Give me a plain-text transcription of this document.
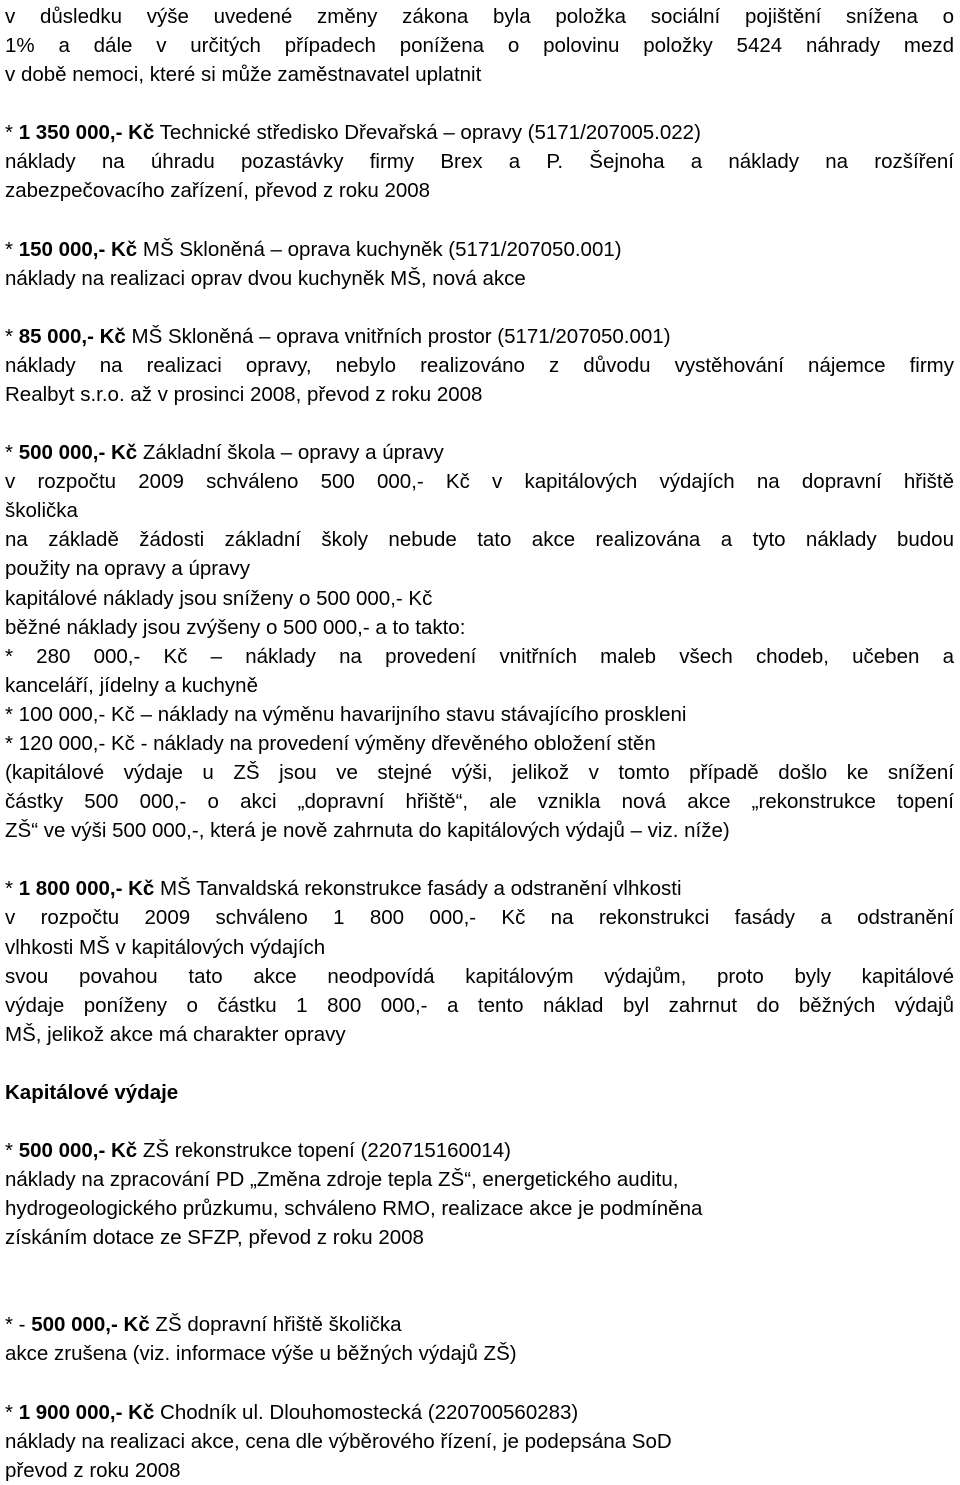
v důsledku výše uvedené změny zákona byla položka sociální pojištění snížena o
1% a dále v určitých případech ponížena o polovinu položky 5424 náhrady mezd
v době nemoci, které si může zaměstnavatel uplatnit
* 1 350 000,- Kč Technické středisko Dřevařská – opravy (5171/207005.022)
náklady na úhradu pozastávky firmy Brex a P. Šejnoha a náklady na rozšíření
zabezpečovacího zařízení, převod z roku 2008
* 150 000,- Kč MŠ Skloněná – oprava kuchyněk (5171/207050.001)
náklady na realizaci oprav dvou kuchyněk MŠ, nová akce
* 85 000,- Kč MŠ Skloněná – oprava vnitřních prostor (5171/207050.001)
náklady na realizaci opravy, nebylo realizováno z důvodu vystěhování nájemce firmy
Realbyt s.r.o. až v prosinci 2008, převod z roku 2008
* 500 000,- Kč Základní škola – opravy a úpravy
v rozpočtu 2009 schváleno 500 000,- Kč v kapitálových výdajích na dopravní hřiště
školička
na základě žádosti základní školy nebude tato akce realizována a tyto náklady budou
použity na opravy a úpravy
kapitálové náklady jsou sníženy o 500 000,- Kč
běžné náklady jsou zvýšeny o 500 000,- a to takto:
* 280 000,- Kč – náklady na provedení vnitřních maleb všech chodeb, učeben a
kanceláří, jídelny a kuchyně
* 100 000,- Kč – náklady na výměnu havarijního stavu stávajícího proskleni
* 120 000,- Kč - náklady na provedení výměny dřevěného obložení stěn
(kapitálové výdaje u ZŠ jsou ve stejné výši, jelikož v tomto případě došlo ke snížení
částky 500 000,- o akci „dopravní hřiště“, ale vznikla nová akce „rekonstrukce topení
ZŠ“ ve výši 500 000,-, která je nově zahrnuta do kapitálových výdajů – viz. níže)
* 1 800 000,- Kč MŠ Tanvaldská rekonstrukce fasády a odstranění vlhkosti
v rozpočtu 2009 schváleno 1 800 000,- Kč na rekonstrukci fasády a odstranění
vlhkosti MŠ v kapitálových výdajích
svou povahou tato akce neodpovídá kapitálovým výdajům, proto byly kapitálové
výdaje poníženy o částku 1 800 000,- a tento náklad byl zahrnut do běžných výdajů
MŠ, jelikož akce má charakter opravy
Kapitálové výdaje
* 500 000,- Kč ZŠ rekonstrukce topení (220715160014)
náklady na zpracování PD „Změna zdroje tepla ZŠ“, energetického auditu,
hydrogeologického průzkumu, schváleno RMO, realizace akce je podmíněna
získáním dotace ze SFZP, převod z roku 2008
* - 500 000,- Kč ZŠ dopravní hřiště školička
akce zrušena (viz. informace výše u běžných výdajů ZŠ)
* 1 900 000,- Kč Chodník ul. Dlouhomostecká (220700560283)
náklady na realizaci akce, cena dle výběrového řízení, je podepsána SoD
převod z roku 2008
